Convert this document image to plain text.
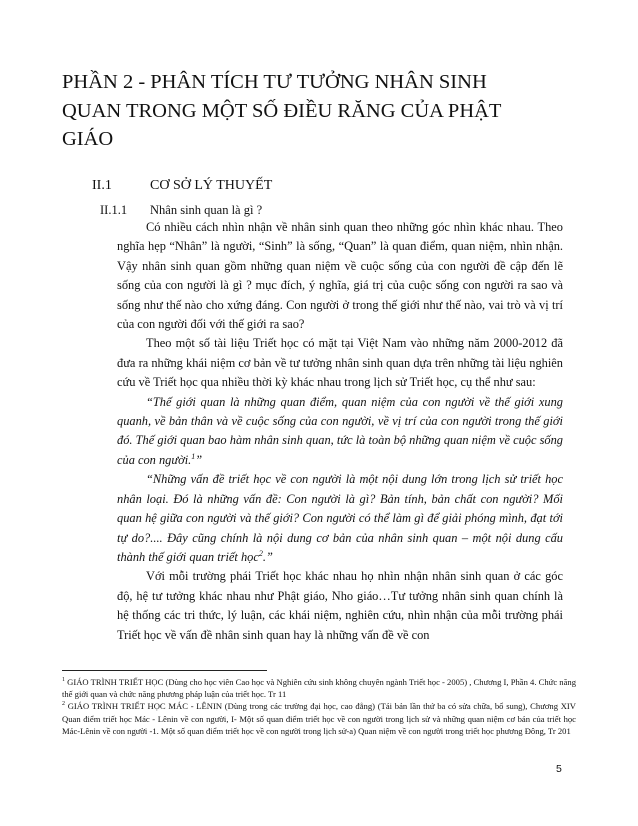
PHẦN 2 - PHÂN TÍCH TƯ TƯỞNG NHÂN SINH
QUAN TRONG MỘT SỐ ĐIỀU RĂNG CỦA PHẬT
GIÁO
II.1	CƠ SỞ LÝ THUYẾT
II.1.1 Nhân sinh quan là gì ?

Có nhiều cách nhìn nhận về nhân sinh quan theo những góc nhìn khác nhau. Theo nghĩa hẹp “Nhân” là người, “Sinh” là sống, “Quan” là quan điểm, quan niệm, nhìn nhận. Vậy nhân sinh quan gồm những quan niệm về cuộc sống của con người đề cập đến lẽ sống của con người là gì ? mục đích, ý nghĩa, giá trị của cuộc sống con người ra sao và sống như thế nào cho xứng đáng. Con người ở trong thế giới như thế nào, vai trò và vị trí của con người đối với thế giới ra sao?

Theo một số tài liệu Triết học có mặt tại Việt Nam vào những năm 2000-2012 đã đưa ra những khái niệm cơ bản về tư tưởng nhân sinh quan dựa trên những tài liệu nghiên cứu về Triết học qua nhiều thời kỳ khác nhau trong lịch sử Triết học, cụ thể như sau:

“Thế giới quan là những quan điểm, quan niệm của con người về thế giới xung quanh, về bản thân và về cuộc sống của con người, về vị trí của con người trong thế giới đó. Thế giới quan bao hàm nhân sinh quan, tức là toàn bộ những quan niệm về cuộc sống của con người.$^1$”

“Những vấn đề triết học về con người là một nội dung lớn trong lịch sử triết học nhân loại. Đó là những vấn đề: Con người là gì? Bản tính, bản chất con người? Mối quan hệ giữa con người và thế giới? Con người có thể làm gì để giải phóng mình, đạt tới tự do?.... Đây cũng chính là nội dung cơ bản của nhân sinh quan – một nội dung cấu thành thế giới quan triết học$^2$.”

Với mỗi trường phái Triết học khác nhau họ nhìn nhận nhân sinh quan ở các góc độ, hệ tư tưởng khác nhau như Phật giáo, Nho giáo…Tư tưởng nhân sinh quan chính là hệ thống các tri thức, lý luận, các khái niệm, nghiên cứu, nhìn nhận của mỗi trường phái Triết học về vấn đề nhân sinh quan hay là những vấn đề về con

$^1$ GIÁO TRÌNH TRIẾT HỌC (Dùng cho học viên Cao học và Nghiên cứu sinh không chuyên ngành Triết học - 2005) , Chương I, Phần 4. Chức năng thế giới quan và chức năng phương pháp luận của triết học. Tr 11

$^2$ GIÁO TRÌNH TRIẾT HỌC MÁC - LÊNIN (Dùng trong các trường đại học, cao đẳng) (Tái bản lần thứ ba có sửa chữa, bổ sung), Chương XIV Quan điểm triết học Mác - Lênin về con người, I- Một số quan điểm triết học về con người trong lịch sử và những quan niệm cơ bản của triết học Mác-Lênin về con người -1. Một số quan điểm triết học về con người trong lịch sử-a) Quan niệm về con người trong triết học phương Đông, Tr 201

5
